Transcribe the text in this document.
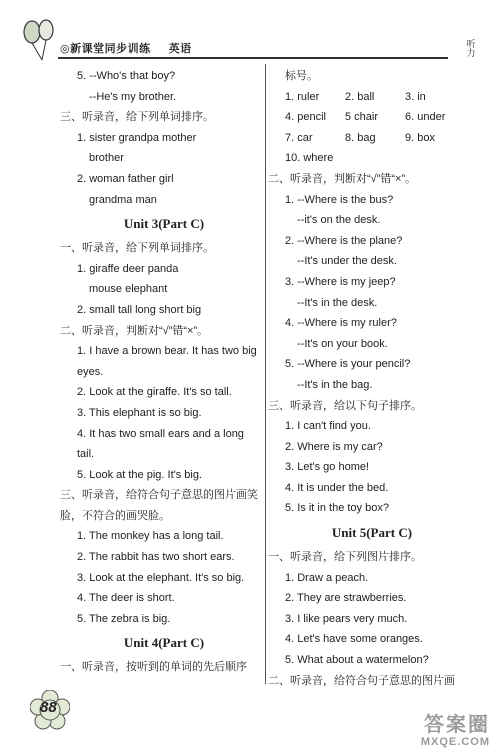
◎新课堂同步训练 英语	听力
5. --Who's that boy?
--He's my brother.
三、听录音，给下列单词排序。
1. sister grandpa mother
brother
2. woman father girl
grandma man
Unit 3(Part C)
一、听录音，给下列单词排序。
1. giraffe deer panda
mouse elephant
2. small tall long short big
二、听录音，判断对“√”错“×”。
1. I have a brown bear. It has two big eyes.
2. Look at the giraffe. It's so tall.
3. This elephant is so big.
4. It has two small ears and a long tail.
5. Look at the pig. It's big.
三、听录音，给符合句子意思的图片画笑脸，不符合的画哭脸。
1. The monkey has a long tail.
2. The rabbit has two short ears.
3. Look at the elephant. It's so big.
4. The deer is short.
5. The zebra is big.
Unit 4(Part C)
一、听录音，按听到的单词的先后顺序
标号。
1. ruler	2. ball	3. in
4. pencil	5 chair	6. under
7. car	8. bag	9. box
10. where
二、听录音，判断对“√”错“×”。
1. --Where is the bus?
--it's on the desk.
2. --Where is the plane?
--It's under the desk.
3. --Where is my jeep?
--It's in the desk.
4. --Where is my ruler?
--It's on your book.
5. --Where is your pencil?
--It's in the bag.
三、听录音，给以下句子排序。
1. I can't find you.
2. Where is my car?
3. Let's go home!
4. It is under the bed.
5. Is it in the toy box?
Unit 5(Part C)
一、听录音，给下列图片排序。
1. Draw a peach.
2. They are strawberries.
3. I like pears very much.
4. Let's have some oranges.
5. What about a watermelon?
二、听录音，给符合句子意思的图片画
88
答案圈
MXQE.COM
